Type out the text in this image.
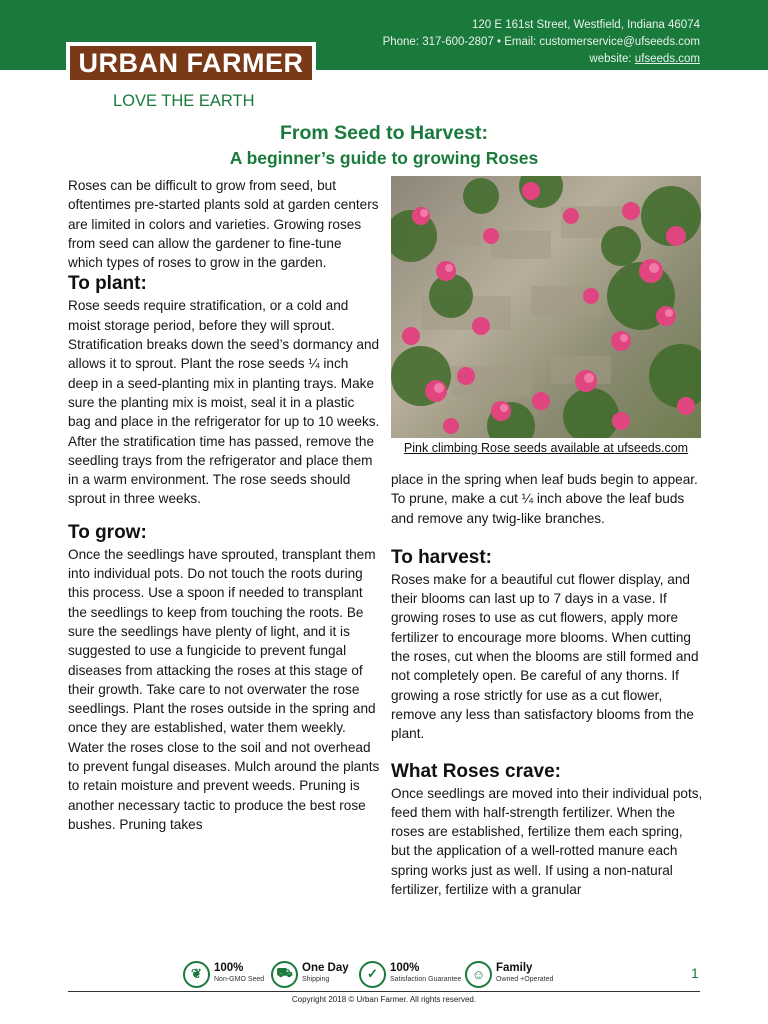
120 E 161st Street, Westfield, Indiana 46074
Phone: 317-600-2807 • Email: customerservice@ufseeds.com
website: ufseeds.com
URBAN FARMER
LOVE THE EARTH
From Seed to Harvest:
A beginner’s guide to growing Roses

Roses can be difficult to grow from seed, but oftentimes pre-started plants sold at garden centers are limited in colors and varieties. Growing roses from seed can allow the gardener to fine-tune which types of roses to grow in the garden.

To plant:

Rose seeds require stratification, or a cold and moist storage period, before they will sprout. Stratification breaks down the seed’s dormancy and allows it to sprout. Plant the rose seeds ¼ inch deep in a seed-planting mix in planting trays. Make sure the planting mix is moist, seal it in a plastic bag and place in the refrigerator for up to 10 weeks. After the stratification time has passed, remove the seedling trays from the refrigerator and place them in a warm environment. The rose seeds should sprout in three weeks.

To grow:

Once the seedlings have sprouted, transplant them into individual pots. Do not touch the roots during this process. Use a spoon if needed to transplant the seedlings to keep from touching the roots. Be sure the seedlings have plenty of light, and it is suggested to use a fungicide to prevent fungal diseases from attacking the roses at this stage of their growth. Take care to not overwater the rose seedlings. Plant the roses outside in the spring and once they are established, water them weekly. Water the roses close to the soil and not overhead to prevent fungal diseases. Mulch around the plants to retain moisture and prevent weeds. Pruning is another necessary tactic to produce the best rose bushes. Pruning takes

Pink climbing Rose seeds available at ufseeds.com

place in the spring when leaf buds begin to appear. To prune, make a cut ¼ inch above the leaf buds and remove any twig-like branches.

To harvest:

Roses make for a beautiful cut flower display, and their blooms can last up to 7 days in a vase. If growing roses to use as cut flowers, apply more fertilizer to encourage more blooms. When cutting the roses, cut when the blooms are still formed and not completely open. Be careful of any thorns. If growing a rose strictly for use as a cut flower, remove any less than satisfactory blooms from the plant.

What Roses crave:

Once seedlings are moved into their individual pots, feed them with half-strength fertilizer. When the roses are established, fertilize them each spring, but the application of a well-rotted manure each spring works just as well. If using a non-natural fertilizer, fertilize with a granular

❦	100%
Non-GMO Seed ⛟ One Day
Shipping	✓	100%
Satisfaction Guarantee ☺ Family
Owned +Operated	1
Copyright 2018 © Urban Farmer. All rights reserved.
